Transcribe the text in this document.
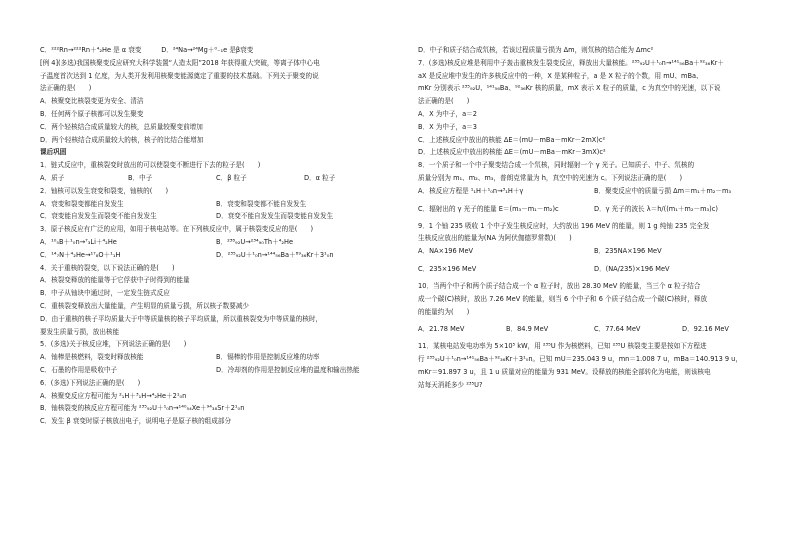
C．²²²Rn→²²²Rn＋⁴₂He 是 α 衰变　　　D．²⁴Na→²⁴Mg＋⁰₋₁e 是β衰变
[例 4](多选)我国核聚变反应研究大科学装置“人造太阳”2018 年获得重大突破，等离子体中心电
子温度首次达到 1 亿度，为人类开发利用核聚变能源奠定了重要的技术基础。下列关于聚变的说
法正确的是(　　)
A．核聚变比核裂变更为安全、清洁
B．任何两个原子核都可以发生聚变
C．两个轻核结合成质量较大的核，总质量较聚变前增加
D．两个轻核结合成质量较大的核，核子的比结合能增加
课后巩固
1．链式反应中，重核裂变时放出的可以使裂变不断进行下去的粒子是(　　)
A．质子	B．中子	C．β 粒子	D．α 粒子
2．铀核可以发生衰变和裂变，铀核的(　　)
A．衰变和裂变都能自发发生	B．衰变和裂变都不能自发发生
C．衰变能自发发生而裂变不能自发发生	D．衰变不能自发发生而裂变能自发发生
3．原子核反应有广泛的应用，如用于核电站等。在下列核反应中，属于核裂变反应的是(　　)
A．¹⁰₅B＋¹₀n→⁷₃Li＋⁴₂He	B．²³⁸₉₂U→²³⁴₉₀Th＋⁴₂He
C．¹⁴₇N＋⁴₂He→¹⁷₈O＋¹₁H	D．²³⁵₉₂U＋¹₀n→¹⁴⁴₅₆Ba＋⁸⁹₃₆Kr＋3¹₀n
4．关于重核的裂变，以下说法正确的是(　　)
A．核裂变释放的能量等于它俘获中子时得到的能量
B．中子从铀块中通过时，一定发生链式反应
C．重核裂变释放出大量能量，产生明显的质量亏损，所以核子数要减少
D．由于重核的核子平均质量大于中等质量核的核子平均质量，所以重核裂变为中等质量的核时，
要发生质量亏损，放出核能
5．(多选)关于核反应堆，下列说法正确的是(　　)
A．铀棒是核燃料，裂变时释放核能	B．镉棒的作用是控制反应堆的功率
C．石墨的作用是吸收中子	D．冷却剂的作用是控制反应堆的温度和输出热能
6．(多选)下列说法正确的是(　　)
A．核聚变反应方程可能为 ²₁H＋³₁H→⁴₂He＋2¹₀n
B．铀核裂变的核反应方程可能为 ²³⁵₉₂U＋¹₀n→¹⁴⁰₅₄Xe＋⁹⁴₃₈Sr＋2¹₀n
C．发生 β 衰变时原子核放出电子，说明电子是原子核的组成部分
D．中子和质子结合成氘核，若该过程质量亏损为 Δm，则氘核的结合能为 Δmc²
7．(多选)核反应堆是利用中子轰击重核发生裂变反应，释放出大量核能。²³⁵₉₂U＋¹₀n→¹⁴¹₅₆Ba＋⁹²₃₆Kr＋
aX 是反应堆中发生的许多核反应中的一种，X 是某种粒子，a 是 X 粒子的个数，用 mU、mBa、
mKr 分别表示 ²³⁵₉₂U、¹⁴¹₅₆Ba、⁹²₃₆Kr 核的质量，mX 表示 X 粒子的质量，c 为真空中的光速，以下说
法正确的是(　　)
A．X 为中子，a＝2
B．X 为中子，a＝3
C．上述核反应中放出的核能 ΔE＝(mU－mBa－mKr－2mX)c²
D．上述核反应中放出的核能 ΔE＝(mU－mBa－mKr－3mX)c²
8．一个质子和一个中子聚变结合成一个氘核，同时辐射一个 γ 光子。已知质子、中子、氘核的
质量分别为 m₁、m₂、m₃，普朗克常量为 h，真空中的光速为 c。下列说法正确的是(　　)
A．核反应方程是 ¹₁H＋¹₀n→³₁H＋γ	B．聚变反应中的质量亏损 Δm＝m₁＋m₂－m₃
C．辐射出的 γ 光子的能量 E＝(m₃－m₁－m₂)c	D．γ 光子的波长 λ＝h/((m₁＋m₂－m₃)c)
9．1 个铀 235 吸收 1 个中子发生核反应时，大约放出 196 MeV 的能量，则 1 g 纯铀 235 完全发
生核反应放出的能量为(NA 为阿伏伽德罗常数)(　　)
A．NA×196 MeV	B．235NA×196 MeV
C．235×196 MeV	D．(NA/235)×196 MeV
10．当两个中子和两个质子结合成一个 α 粒子时，放出 28.30 MeV 的能量，当三个 α 粒子结合
成一个碳(C)核时，放出 7.26 MeV 的能量，则当 6 个中子和 6 个质子结合成一个碳(C)核时，释放
的能量约为(　　)
A．21.78 MeV	B．84.9 MeV	C．77.64 MeV	D．92.16 MeV
11．某核电站发电功率为 5×10⁵ kW，用 ²³⁵U 作为核燃料，已知 ²³⁵U 核裂变主要是按如下方程进
行 ²³⁵₉₂U＋¹₀n→¹⁴¹₅₆Ba＋⁹²₃₆Kr＋3¹₀n。已知 mU＝235.043 9 u，mn＝1.008 7 u，mBa＝140.913 9 u，
mKr＝91.897 3 u，且 1 u 质量对应的能量为 931 MeV。设释放的核能全部转化为电能，则该核电
站每天消耗多少 ²³⁵U?
